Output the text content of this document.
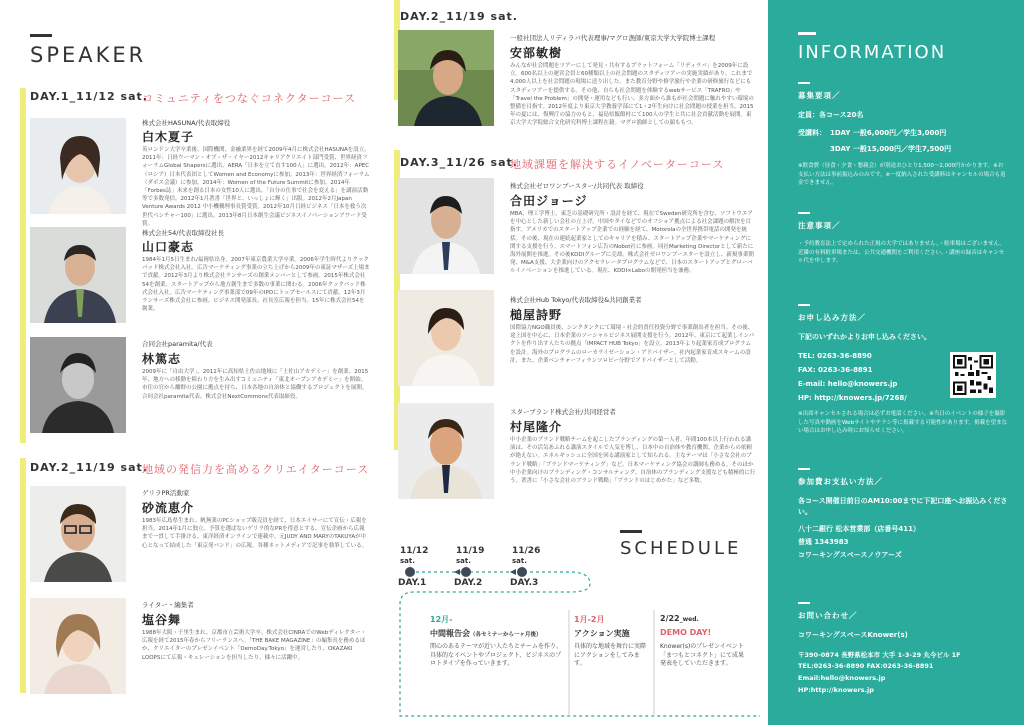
SPEAKER
DAY.1_11/12 sat.
コミュニティをつなぐコネクターコース
株式会社HASUNA/代表取締役
白木夏子
英ロンドン大学卒業後、国際機関、金融業界を経て2009年4月に株式会社HASUNAを設立。2011年：日経ウーマン・オブ・ザ・イヤー2012キャリアクリエイト部門受賞、世界経済フォーラムGlobal Shapersに選出、AERA「日本を立て直す100人」に選出。2012年：APEC（ロシア）日本代表団としてWomen and Economyに参加。2013年：世界経済フォーラム（ダボス会議）に参加。2014年：Women of the Future Summitに参加。2014年「Forbes誌」未来を創る日本の女性10人に選出。「自分の仕事で社会を変える」を講演活動等で多数発信。2012年1月著書「世界と、いっしょに輝く」出版。2012年2月Japan Venture Awards 2012 中小機構理事長賞受賞。2012年10月日経ビジネス「日本を救う次世代ベンチャー100」に選出。2013年8月日本創生会議ビジネスイノベーションアワード受賞。
株式会社54/代表取締役社長
山口豪志
1984年1月5日生まれ/福岡県出身。2007年東京農業大学卒業。2006年学生時代よりクックパッド株式会社入社。広告マーケティング事業の立ち上げから2009年の東証マザーズ上場まで貢献。2012年3月より株式会社ランサーズの創業メンバーとして参画。2015年株式会社54を創業。スタートアップから地方創生まで多数の事業に関わる。2006年クックパッド株式会社入社。広告マーケティング事業部で09年のIPOにトップセールスにて貢献。12年3月ランサーズ株式会社に参画。ビジネス開発部長、社長室広報を担当。15年に株式会社54を創業。
合同会社paramita/代表
林篤志
2009年に「自由大学」、2011年に高知県土佐山地域に「土佐山アカデミー」を創業。2015年、地方への移動を障わり方を生み出すコミュニティ「東北オープンアカデミー」を開始。市住の官から離野の公園に拠点を持ち、日本各地の自治体と協働するプロジェクトを展開。合同会社paramita代表。株式会社NextCommons代表取締役。
DAY.2_11/19 sat.
地域の発信力を高めるクリエイターコース
ゲリラPR活動家
砂流恵介
1983年広島県生まれ。帆無業のPCショップ販売員を経て、日本エイサーにて宣伝・広報を担当。2014年1月に独立。予算を選ばないゲリラ的なPRを得意とする。宣伝企画から広報まで一貫して手掛ける。東洋経済オンラインで連載中。元JUDY AND MARYのTAKUYAが中心となって結成した「東京発バンド」の広報。各種ネットメディアで記事を執筆している。
ライター・編集者
塩谷舞
1988年大阪・千里生まれ。京都市立芸術大学卒。株式会社CINRAでのWebディレクター・広報を経て2015年春からフリーランスへ。「THE BAKE MAGAZINE」の編集長を務めるほか、クリエイターのプレゼンイベント「DemoDay.Tokyo」を運営したり、OKAZAKI LOOPSにて広報・キュレーションを担当したり、様々に活躍中。
DAY.2_11/19 sat.
一般社団法人リディラバ代表理事/マグロ漁師/東京大学大学院博士課程
安部敏樹
みんなが社会問題をツアーにして発見・共有するプラットフォーム「リディラバ」を2009年に設立。600名以上の運営会員と60種類以上の社会問題のスタディツアーの実施実績があり、これまで4,000人以上を社会問題の現場に送り出した。また教育分野や修学旅行や企業の研修旅行などにもスタディツアーを提供する。その他、自らも社会問題を体験するwebサービス「TRAFRO」や「Travel the Problem」の開発・運用なども行い、多方面から誰もが社会問題に触れやすい環境の整備を目指す。2012年度より東京大学教養学部にて1・2年生向けに社会問題の授業を担当。2015年の夏には、復興庁の協力のもと、福島県飯館村にて100人の学生と共に社会貢献活動を展開。東京大学大学院総合文化研究科博士課程在籍。マグロ漁師としての顔ももつ。
DAY.3_11/26 sat.
地域課題を解決するイノベーターコース
株式会社ゼロワンブースター/共同代表 取締役
合田ジョージ
MBA、理工学博士。東芝の基礎研究所・設計を経て、現在でSweden研究所を含む、ソフトウエアを中心とした新しい会社の立上げ。中国やタイなどでのオフショア拠点による社会課題の解決を目指す。アメリカでのスタートアップ企業での経験を経て、Motorolaの全世界携帯電話の開発を統括。その後、現在の連続起業家としてのキャリアを積み、スタートアップ企業やマーケティングに関する支援を行う。スマートフォン広告のNobot社に参画。同社Marketing Directorとして新たに海外展開を推進。その後KDDIグループに売却。株式会社ゼロワンブースターを設立し、新規事業開発、M&A支援、大企業向けのアクセラレータプログラムなどで、日本のスタートアップとグローバルイノベーションを推進している。現在、KDDI∞Laboの開発担当を兼務。
株式会社Hub Tokyo/代表取締役&共同創業者
槌屋詩野
国際協力NGO職員後、シンクタンクにて環境・社会的責任投資分野で事業創出者を担当。その後、途上国を中心に、日本企業のソーシャルビジネス展開支援を行う。2012年、東京にて起業しインパクトを作り出す人たちの拠点「IMPACT HUB Tokyo」を設立。2013年より起業家育成プログラムを設計。海外のプログラムのローカライゼーション・アドバイザー。社内起業家育成スキームの設計、また、企業ベンチャーフィランソロピー分野でアドバイザーとして活動。
スターブランド株式会社/共同経営者
村尾隆介
中小企業のブランド戦略チームを起こしたブランディングの第一人者。年間100本以上行われる講演は、その活気あふれる講演スタイルで人気を博し、日本中の自治体や教育機関、企業からの依頼が絶えない。エネルギッシュに全国を回る講演家として知られる。主なテーマは「小さな会社のブランド戦略」「ブランドマーケティング」など。日本マーケティング協会の講師も務める。そのほか中小企業向けのブランディング・コンサルティング、自治体のブランディング支援なども積極的に行う。著書に「小さな会社のブランド戦略」「ブランドのはじめかた」など多数。
SCHEDULE
11/12
sat.
11/19
sat.
11/26
sat.
DAY.1	DAY.2	DAY.3
12月-
中間報告会（各セミナーから一ヶ月後）
関心のあるテーマが近い人たちとチームを作り、具体的なイベントやプロジェクト、ビジネスのプロトタイプを作っていきます。
1月-2月
アクション実施
具体的な地域を舞台に実際にアクションをしてみます。
2/22_wed.
DEMO DAY!
Knower(s)のプレゼンイベント「まつもとコネクト」にて成果発表をしていただきます。
INFORMATION
募集要項／
定員：各コース20名
受講料： 1DAY 一般6,000円／学生3,000円
3DAY 一般15,000円／学生7,500円
※飲食費（昼食・夕食・懇親会）が別途おひとり1,500〜2,000円かかります。※お支払い方法は事前振込みのみです。※一度納入された受講料はキャンセルの場合も返金できません。
注意事項／
・予約教育法上で定められた正規の大学ではありません。・駐車場はございません。近隣の有料駐車場または、公共交通機関をご利用ください。・講座の録音はキャンセル代を申します。
お申し込み方法／
下記のいずれかよりお申し込みください。
TEL: 0263-36-8890
FAX: 0263-36-8891
E-mail: hello@knowers.jp
HP: http://knowers.jp/7268/
※出席キャンセルされる場合は必ずお電話ください。※当日のイベントの様子を撮影した写真や動画をWebサイトやチラシ等に掲載する可能性があります。掲載を望まない場合はお申し込み時にお知らせください。
参加費お支払い方法／
各コース開催日前日のAM10:00までに下記口座へお振込みください。
八十二銀行 松本営業部（店番号411）
普通 1343983
コワーキングスペースノウアーズ
お問い合わせ／
コワーキングスペースKnower(s)
〒390-0874 長野県松本市 大手 1-3-29 丸今ビル 1F
TEL:0263-36-8890 FAX:0263-36-8891
Email:hello@knowers.jp
HP:http://knowers.jp
